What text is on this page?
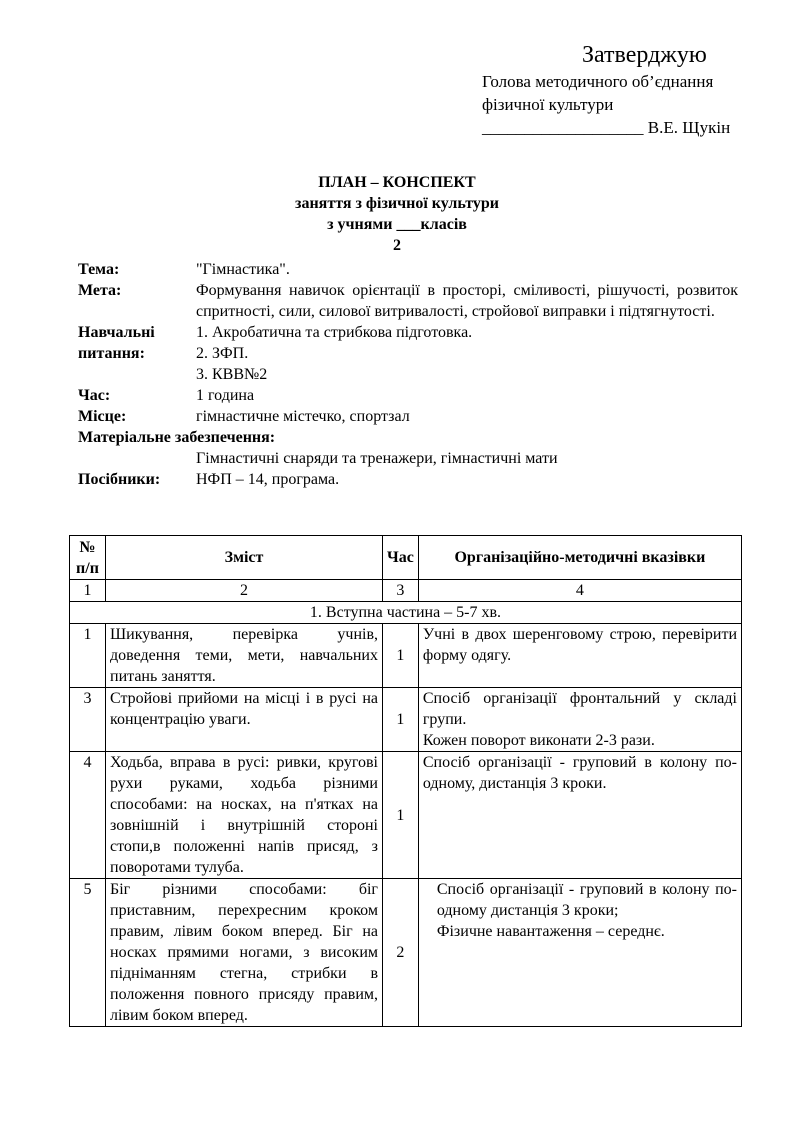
Затверджую
Голова методичного об’єднання
фізичної культури
___________________ В.Е. Щукін
ПЛАН – КОНСПЕКТ
заняття з фізичної культури
з учнями ___класів
2
Тема:	"Гімнастика".
Мета:	Формування навичок орієнтації в просторі, сміливості, рішучості, розвиток спритності, сили, силової витривалості, стройової виправки і підтягнутості.
Навчальні
питання:
1. Акробатична та стрибкова підготовка.
2. ЗФП.
3. КВВ№2
Час:	1 година
Місце:	гімнастичне містечко, спортзал
Матеріальне забезпечення:
Гімнастичні снаряди та тренажери, гімнастичні мати
Посібники:	НФП – 14, програма.
№ п/п	Зміст	Час	Організаційно-методичні вказівки
1	2	3	4
1. Вступна частина – 5-7 хв.			
1	Шикування, перевірка учнів, доведення теми, мети, навчальних питань заняття.	1	Учні в двох шеренговому строю, перевірити форму одягу.
3	Стройові прийоми на місці і в русі на концентрацію уваги.	1	Спосіб організації фронтальний у складі групи.
Кожен поворот виконати 2-3 рази.

4	Ходьба, вправа в русі: ривки, кругові рухи руками, ходьба різними способами: на носках, на п'ятках на зовнішній і внутрішній стороні стопи,в положенні напів присяд, з поворотами тулуба.	1	Спосіб організації - груповий в колону по-одному, дистанція 3 кроки.
5	Біг різними способами: біг приставним, перехресним кроком правим, лівим боком вперед. Біг на носках прямими ногами, з високим підніманням стегна, стрибки в положення повного присяду правим, лівим боком вперед.	2	Спосіб організації - груповий в колону по-одному дистанція 3 кроки;
Фізичне навантаження – середнє.
